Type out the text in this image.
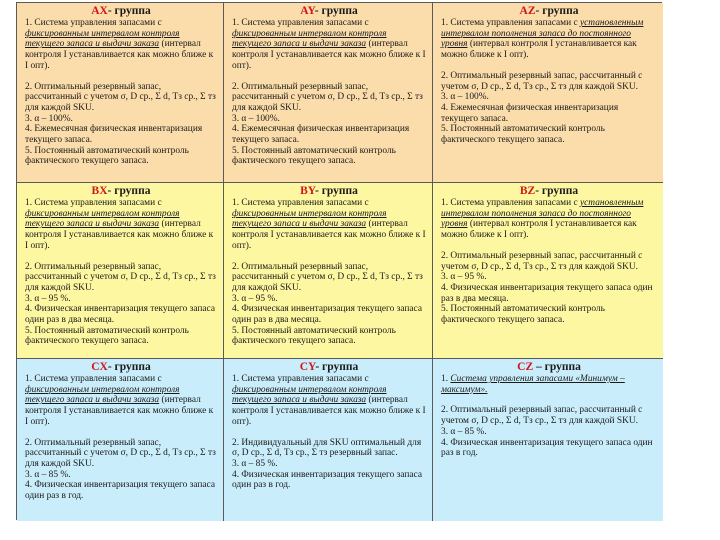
AX- группа
1. Система управления запасами с фиксированным интервалом контроля текущего запаса и выдачи заказа (интервал контроля I устанавливается как можно ближе к I опт).
2. Оптимальный резервный запас, рассчитанный с учетом σ, D ср., Σ d, Тз ср., Σ тз для каждой SKU.
3. α – 100%.
4. Ежемесячная физическая инвентаризация текущего запаса.
5. Постоянный автоматический контроль фактического текущего запаса.
AY- группа
1. Система управления запасами с фиксированным интервалом контроля текущего запаса и выдачи заказа (интервал контроля I устанавливается как можно ближе к I опт).
2. Оптимальный резервный запас, рассчитанный с учетом σ, D ср., Σ d, Тз ср., Σ тз для каждой SKU.
3. α – 100%.
4. Ежемесячная физическая инвентаризация текущего запаса.
5. Постоянный автоматический контроль фактического текущего запаса.
AZ- группа
1. Система управления запасами с установленным интервалом пополнения запаса до постоянного уровня (интервал контроля I устанавливается как можно ближе к I опт).
2. Оптимальный резервный запас, рассчитанный с учетом σ, D ср., Σ d, Тз ср., Σ тз для каждой SKU.
3. α – 100%.
4. Ежемесячная физическая инвентаризация текущего запаса.
5. Постоянный автоматический контроль фактического текущего запаса.
BX- группа
1. Система управления запасами с фиксированным интервалом контроля текущего запаса и выдачи заказа (интервал контроля I устанавливается как можно ближе к I опт).
2. Оптимальный резервный запас, рассчитанный с учетом σ, D ср., Σ d, Тз ср., Σ тз для каждой SKU.
3. α – 95 %.
4. Физическая инвентаризация текущего запаса один раз в два месяца.
5. Постоянный автоматический контроль фактического текущего запаса.
BY- группа
1. Система управления запасами с фиксированным интервалом контроля текущего запаса и выдачи заказа (интервал контроля I устанавливается как можно ближе к I опт).
2. Оптимальный резервный запас, рассчитанный с учетом σ, D ср., Σ d, Тз ср., Σ тз для каждой SKU.
3. α – 95 %.
4. Физическая инвентаризация текущего запаса один раз в два месяца.
5. Постоянный автоматический контроль фактического текущего запаса.
BZ- группа
1. Система управления запасами с установленным интервалом пополнения запаса до постоянного уровня (интервал контроля I устанавливается как можно ближе к I опт).
2. Оптимальный резервный запас, рассчитанный с учетом σ, D ср., Σ d, Тз ср., Σ тз для каждой SKU.
3. α – 95 %.
4. Физическая инвентаризация текущего запаса один раз в два месяца.
5. Постоянный автоматический контроль фактического текущего запаса.
CX- группа
1. Система управления запасами с фиксированным интервалом контроля текущего запаса и выдачи заказа (интервал контроля I устанавливается как можно ближе к I опт).
2. Оптимальный резервный запас, рассчитанный с учетом σ, D ср., Σ d, Тз ср., Σ тз для каждой SKU.
3. α – 85 %.
4. Физическая инвентаризация текущего запаса один раз в год.
CY- группа
1. Система управления запасами с фиксированным интервалом контроля текущего запаса и выдачи заказа (интервал контроля I устанавливается как можно ближе к I опт).
2. Индивидуальный для SKU оптимальный для σ, D ср., Σ d, Тз ср., Σ тз резервный запас.
3. α – 85 %.
4. Физическая инвентаризация текущего запаса один раз в год.
CZ – группа
1. Система управления запасами «Минимум – максимум».
2. Оптимальный резервный запас, рассчитанный с учетом σ, D ср., Σ d, Тз ср., Σ тз для каждой SKU.
3. α – 85 %.
4. Физическая инвентаризация текущего запаса один раз в год.
